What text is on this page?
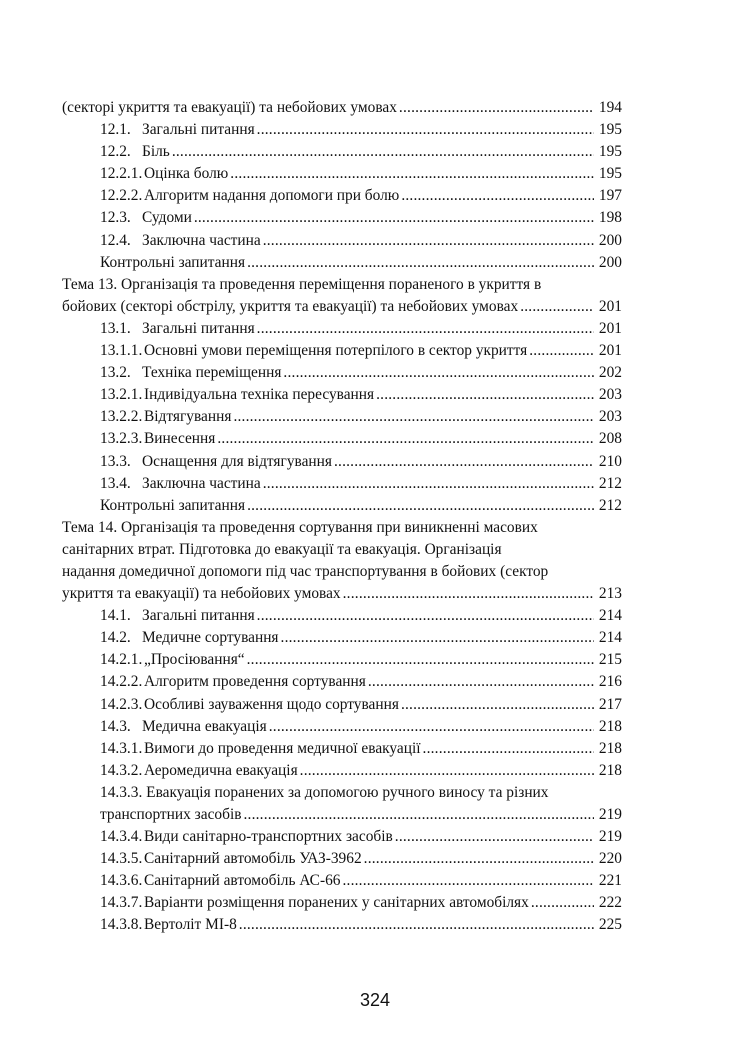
(секторі укриття та евакуації) та небойових умовах .....	194
12.1. Загальні питання .....	195
12.2. Біль .....	195
12.2.1. Оцінка болю .....	195
12.2.2. Алгоритм надання допомоги при болю .....	197
12.3. Судоми .....	198
12.4. Заключна частина .....	200
Контрольні запитання .....	200
Тема 13. Організація та проведення переміщення пораненого в укриття в
бойових (секторі обстрілу, укриття та евакуації) та небойових умовах .....	201
13.1. Загальні питання .....	201
13.1.1. Основні умови переміщення потерпілого в сектор укриття .....	201
13.2. Техніка переміщення .....	202
13.2.1. Індивідуальна техніка пересування .....	203
13.2.2. Відтягування .....	203
13.2.3. Винесення .....	208
13.3. Оснащення для відтягування .....	210
13.4. Заключна частина .....	212
Контрольні запитання .....	212
Тема 14. Організація та проведення сортування при виникненні масових
санітарних втрат. Підготовка до евакуації та евакуація. Організація
надання домедичної допомоги під час транспортування в бойових (сектор
укриття та евакуації) та небойових умовах .....	213
14.1. Загальні питання .....	214
14.2. Медичне сортування .....	214
14.2.1. „Просіювання“ .....	215
14.2.2. Алгоритм проведення сортування .....	216
14.2.3. Особливі зауваження щодо сортування .....	217
14.3. Медична евакуація .....	218
14.3.1. Вимоги до проведення медичної евакуації .....	218
14.3.2. Аеромедична евакуація .....	218
14.3.3. Евакуація поранених за допомогою ручного виносу та різних
транспортних засобів .....	219
14.3.4. Види санітарно-транспортних засобів .....	219
14.3.5. Санітарний автомобіль УАЗ-3962 .....	220
14.3.6. Санітарний автомобіль АС-66 .....	221
14.3.7. Варіанти розміщення поранених у санітарних автомобілях .....	222
14.3.8. Вертоліт МІ-8 .....	225
324
